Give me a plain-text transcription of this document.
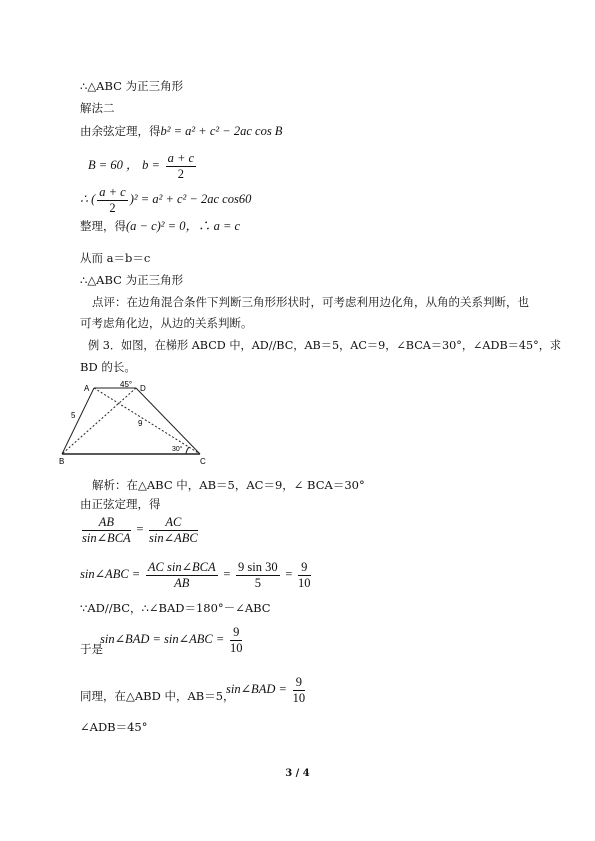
∴△ABC 为正三角形
解法二
由余弦定理，得b² = a² + c² − 2ac cos B
B = 60 ， $b = \frac{a + c}{2}$
∴ ( $\frac{a + c}{2} )^2 = a^2 + c^2 - 2ac$ cos60
整理，得(a − c)² = 0，∴ a = c
从而 a＝b＝c
∴△ABC 为正三角形
点评：在边角混合条件下判断三角形形状时，可考虑利用边化角，从角的关系判断，也
可考虑角化边，从边的关系判断。
例 3．如图，在梯形 ABCD 中，AD//BC，AB＝5，AC＝9，∠BCA＝30°，∠ADB＝45°，求
BD 的长。
A	45° D
5
9
30°
B	C
解析：在△ABC 中，AB＝5，AC＝9，∠ BCA＝30°
由正弦定理，得
$\frac{AB}{\text{sin∠BCA}} = \frac{AC}{\text{sin∠ABC}}$
sin∠ABC = $\frac{\text{AC sin∠BCA}}{AB} = \frac{9 \sin 30}{5} = \frac{9}{10}$
∵AD//BC，∴∠BAD＝180°－∠ABC
sin∠BAD = sin∠ABC = $\frac{9}{10}$
于是
同理，在△ABD 中，AB＝5，
sin∠BAD = $\frac{9}{10}$
∠ADB＝45°
3 / 4
